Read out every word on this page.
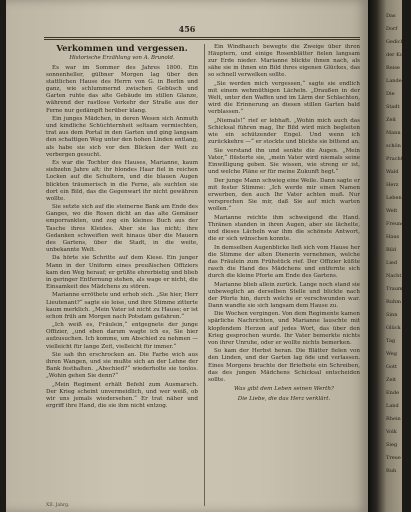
456
Verkommen und vergessen.
Historische Erzählung von A. Brunold.

Es war im Sommer des Jahres 1800. Ein sonnenheller, gülbner Morgen lag über den stattlichen Hause des Herrn von G. in Berlin und ganz, wie schlummernd zwischen Gebüsch und Garten ruhte das alte Gebäude im stillen Glanze, während der rastlose Verkehr der Straße aus der Ferne nur gedämpft herüber klang.

Ein junges Mädchen, in deren Wesen sich Anmuth und kindliche Schüchternheit seltsam vermischten, trat aus dem Portal in den Garten und ging langsam den schattigen Weg unter den hohen Linden entlang, als habe sie sich vor den Blicken der Welt zu verbergen gesucht.

Es war die Tochter des Hauses, Marianne, kaum siebzehn Jahre alt; ihr blondes Haar fiel in reichen Locken auf die Schultern, und die blauen Augen blickten träumerisch in die Ferne, als suchten sie dort ein Bild, das die Gegenwart ihr nicht gewähren wollte.

Sie setzte sich auf die steinerne Bank am Ende des Ganges, wo die Rosen dicht an das alte Gemäuer emporrankten, und zog ein kleines Buch aus der Tasche ihres Kleides. Aber sie las nicht; ihre Gedanken schweiften weit hinaus über die Mauern des Gartens, über die Stadt, in die weite, unbekannte Welt.

Da hörte sie Schritte auf dem Kiese. Ein junger Mann in der Uniform eines preußischen Offiziers kam den Weg herauf; er grüßte ehrerbietig und blieb in geringer Entfernung stehen, als wage er nicht, die Einsamkeit des Mädchens zu stören.

Marianne erröthete und erhob sich. „Sie hier, Herr Lieutenant?“ sagte sie leise, und ihre Stimme zitterte kaum merklich. „Mein Vater ist nicht zu Hause; er ist schon früh am Morgen nach Potsdam gefahren.“

„Ich weiß es, Fräulein,“ entgegnete der junge Offizier, „und eben darum wagte ich es, Sie hier aufzusuchen. Ich komme, um Abschied zu nehmen — vielleicht für lange Zeit, vielleicht für immer.“

Sie sah ihn erschrocken an. Die Farbe wich aus ihren Wangen, und sie mußte sich an der Lehne der Bank festhalten. „Abschied?“ wiederholte sie tonlos. „Wohin gehen Sie denn?“

„Mein Regiment erhält Befehl zum Ausmarsch. Der Krieg scheint unvermeidlich, und wer weiß, ob wir uns jemals wiedersehen.“ Er trat näher und ergriff ihre Hand, die sie ihm nicht entzog.

Ein Windhauch bewegte die Zweige über ihren Häuptern, und einige Rosenblätter fielen langsam zur Erde nieder. Marianne blickte ihnen nach, als sähe sie in ihnen ein Bild ihres eigenen Glückes, das so schnell verwelken sollte.

„Sie werden mich vergessen,“ sagte sie endlich mit einem wehmüthigen Lächeln. „Draußen in der Welt, unter den Waffen und im Lärm der Schlachten, wird die Erinnerung an diesen stillen Garten bald verblassen.“

„Niemals!“ rief er lebhaft. „Wohin mich auch das Schicksal führen mag, Ihr Bild wird mich begleiten wie ein schützender Engel. Und wenn ich zurückkehre —“ er stockte und blickte sie bittend an.

Sie verstand ihn und senkte die Augen. „Mein Vater,“ flüsterte sie, „mein Vater wird niemals seine Einwilligung geben. Sie wissen, wie streng er ist, und welche Pläne er für meine Zukunft hegt.“

Der junge Mann schwieg eine Weile. Dann sagte er mit fester Stimme: „Ich werde mir einen Namen erwerben, den auch Ihr Vater achten muß. Nur versprechen Sie mir, daß Sie auf mich warten wollen.“

Marianne reichte ihm schweigend die Hand. Thränen standen in ihren Augen, aber sie lächelte, und dieses Lächeln war ihm die schönste Antwort, die er sich wünschen konnte.

In demselben Augenblicke ließ sich vom Hause her die Stimme der alten Dienerin vernehmen, welche das Fräulein zum Frühstück rief. Der Offizier küßte rasch die Hand des Mädchens und entfernte sich durch die kleine Pforte am Ende des Gartens.

Marianne blieb allein zurück. Lange noch stand sie unbeweglich an derselben Stelle und blickte nach der Pforte hin, durch welche er verschwunden war. Dann wandte sie sich langsam dem Hause zu.

Die Wochen vergingen. Von dem Regimente kamen spärliche Nachrichten, und Marianne lauschte mit klopfendem Herzen auf jedes Wort, das über den Krieg gesprochen wurde. Ihr Vater bemerkte nichts von ihrer Unruhe, oder er wollte nichts bemerken.

So kam der Herbst heran. Die Blätter fielen von den Linden, und der Garten lag öde und verlassen. Eines Morgens brachte der Briefbote ein Schreiben, das des jungen Mädchens Schicksal entscheiden sollte.

Was gibt dem Leben seinen Werth?
Die Liebe, die das Herz verklärt.
XII. Jahrg.
Das
Dorf
Gedicht
der Kunst
Reise
Landes
Die
Stadt
Zeit
Mann
schön
Pracht
Wald
Herz
Leben
Welt
Freund
Haus
Bild
Lied
Nacht
Traum
Ruhm
Sinn
Glück
Tag
Weg
Gott
Zeit
Ende
Land
Rhein
Volk
Sieg
Treue
Ruh
